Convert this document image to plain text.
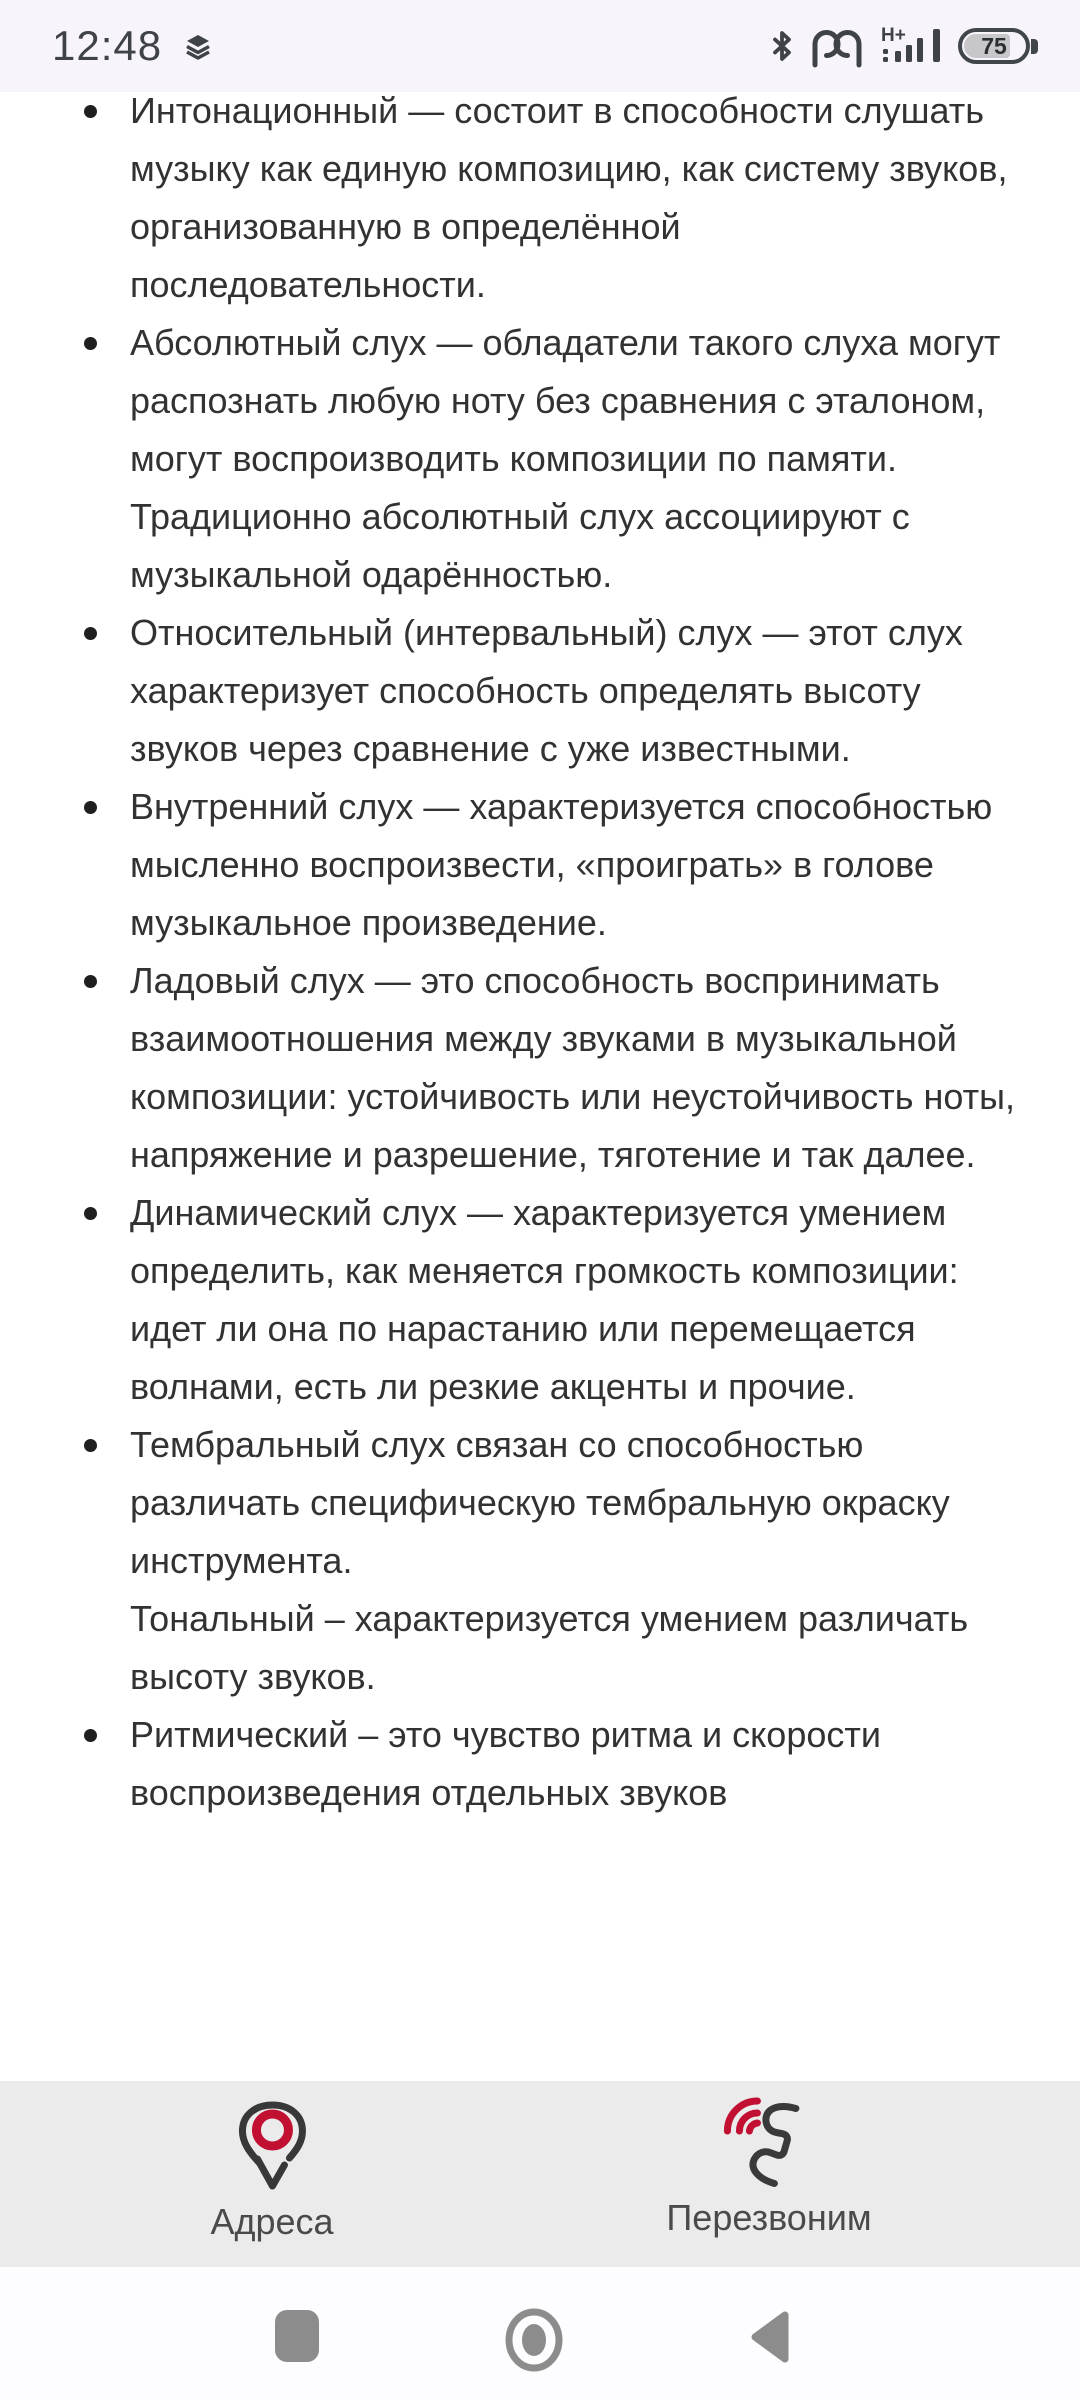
12:48	H+	75
Интонационный — состоит в способности слушать музыку как единую композицию, как систему звуков, организованную в определённой последовательности.
Абсолютный слух — обладатели такого слуха могут распознать любую ноту без сравнения с эталоном, могут воспроизводить композиции по памяти. Традиционно абсолютный слух ассоциируют с музыкальной одарённостью.
Относительный (интервальный) слух — этот слух характеризует способность определять высоту звуков через сравнение с уже известными.
Внутренний слух — характеризуется способностью мысленно воспроизвести, «проиграть» в голове музыкальное произведение.
Ладовый слух — это способность воспринимать взаимоотношения между звуками в музыкальной композиции: устойчивость или неустойчивость ноты, напряжение и разрешение, тяготение и так далее.
Динамический слух — характеризуется умением определить, как меняется громкость композиции: идет ли она по нарастанию или перемещается волнами, есть ли резкие акценты и прочие.
Тембральный слух связан со способностью различать специфическую тембральную окраску инструмента.
Тональный – характеризуется умением различать высоту звуков.
Ритмический – это чувство ритма и скорости воспроизведения отдельных звуков
Адреса	Перезвоним
